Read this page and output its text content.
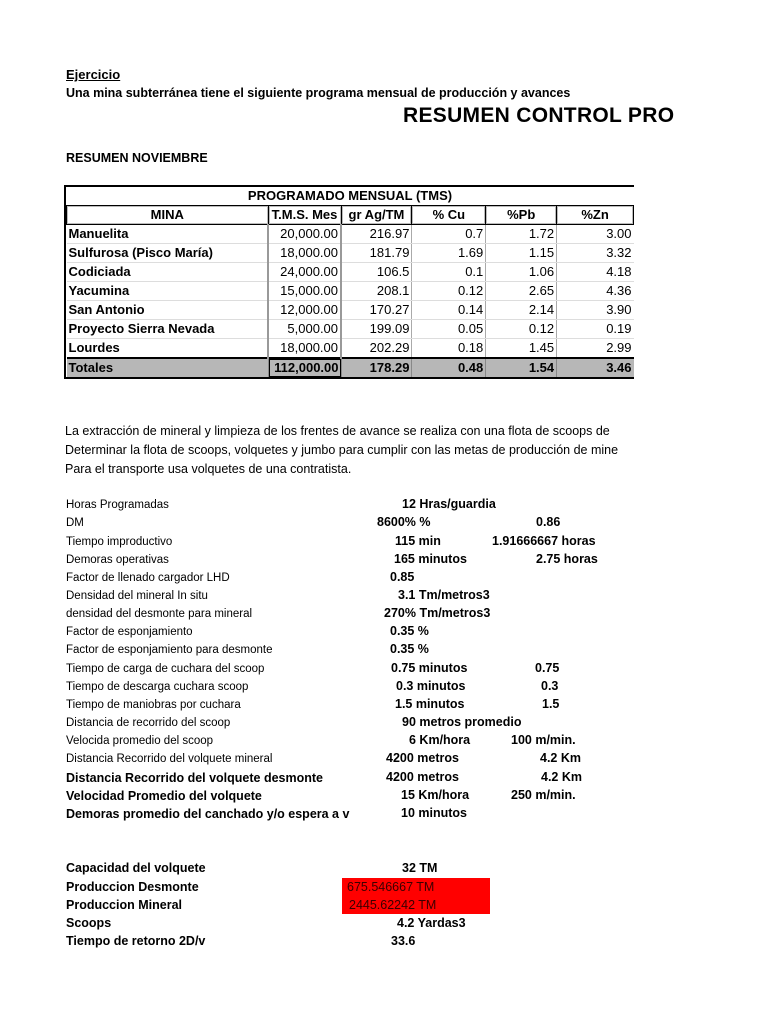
Ejercicio
Una mina subterránea tiene el siguiente programa mensual de producción y avances
RESUMEN CONTROL PRO
RESUMEN NOVIEMBRE
PROGRAMADO MENSUAL (TMS)					
MINA	T.M.S. Mes	gr Ag/TM	% Cu	%Pb	%Zn
Manuelita	20,000.00	216.97	0.7	1.72	3.00
Sulfurosa (Pisco María)	18,000.00	181.79	1.69	1.15	3.32
Codiciada	24,000.00	106.5	0.1	1.06	4.18
Yacumina	15,000.00	208.1	0.12	2.65	4.36
San Antonio	12,000.00	170.27	0.14	2.14	3.90
Proyecto Sierra Nevada	5,000.00	199.09	0.05	0.12	0.19
Lourdes	18,000.00	202.29	0.18	1.45	2.99
Totales	112,000.00	178.29	0.48	1.54	3.46
La extracción de mineral y limpieza de los frentes de avance se realiza con una flota de scoops de
Determinar la flota de scoops, volquetes y jumbo para cumplir con las metas de producción de mine
Para el transporte usa volquetes de una contratista.
Horas Programadas	12 Hras/guardia
DM	8600% %	0.86
Tiempo improductivo	115 min	1.91666667 horas
Demoras operativas	165 minutos	2.75 horas
Factor de llenado cargador LHD	0.85
Densidad del mineral In situ	3.1 Tm/metros3
densidad del desmonte para mineral	270% Tm/metros3
Factor de esponjamiento	0.35 %
Factor de esponjamiento para desmonte	0.35 %
Tiempo de carga de cuchara del scoop	0.75 minutos	0.75
Tiempo de descarga cuchara scoop	0.3 minutos	0.3
Tiempo de maniobras por cuchara	1.5 minutos	1.5
Distancia de recorrido del scoop	90 metros promedio
Velocida promedio del scoop	6 Km/hora	100 m/min.
Distancia Recorrido del volquete mineral	4200 metros	4.2 Km
Distancia Recorrido del volquete desmonte	4200 metros	4.2 Km
Velocidad Promedio del volquete	15 Km/hora	250 m/min.
Demoras promedio del canchado y/o espera a v	10 minutos
Capacidad del volquete	32 TM
Produccion Desmonte	675.546667 TM
Produccion Mineral	2445.62242 TM
Scoops	4.2 Yardas3
Tiempo de retorno 2D/v	33.6
